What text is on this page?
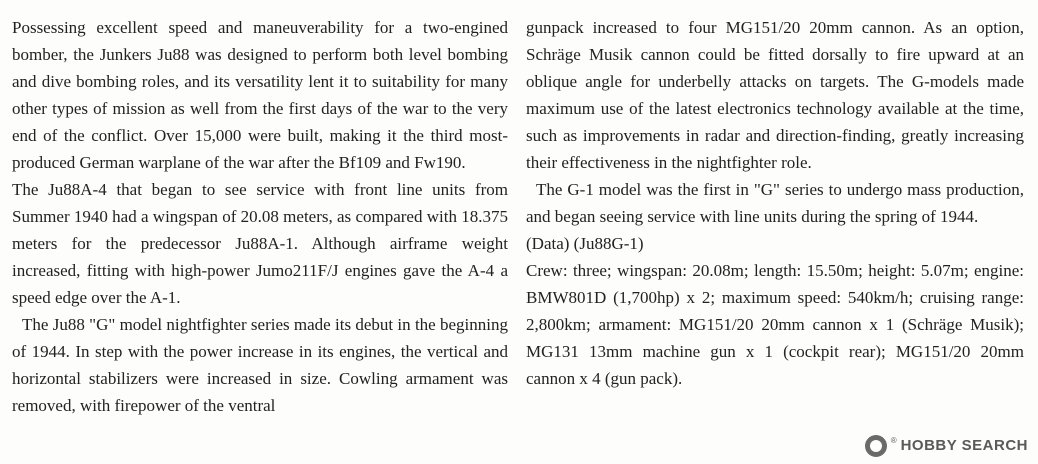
Possessing excellent speed and maneuverability for a two-engined bomber, the Junkers Ju88 was designed to perform both level bombing and dive bombing roles, and its versatility lent it to suitability for many other types of mission as well from the first days of the war to the very end of the conflict. Over 15,000 were built, making it the third most-produced German warplane of the war after the Bf109 and Fw190.

The Ju88A-4 that began to see service with front line units from Summer 1940 had a wingspan of 20.08 meters, as compared with 18.375 meters for the predecessor Ju88A-1. Although airframe weight increased, fitting with high-power Jumo211F/J engines gave the A-4 a speed edge over the A-1.

The Ju88 "G" model nightfighter series made its debut in the beginning of 1944. In step with the power increase in its engines, the vertical and horizontal stabilizers were increased in size. Cowling armament was removed, with firepower of the ventral

gunpack increased to four MG151/20 20mm cannon. As an option, Schräge Musik cannon could be fitted dorsally to fire upward at an oblique angle for underbelly attacks on targets. The G-models made maximum use of the latest electronics technology available at the time, such as improvements in radar and direction-finding, greatly increasing their effectiveness in the nightfighter role.

The G-1 model was the first in "G" series to undergo mass production, and began seeing service with line units during the spring of 1944.

(Data) (Ju88G-1)

Crew: three; wingspan: 20.08m; length: 15.50m; height: 5.07m; engine: BMW801D (1,700hp) x 2; maximum speed: 540km/h; cruising range: 2,800km; armament: MG151/20 20mm cannon x 1 (Schräge Musik); MG131 13mm machine gun x 1 (cockpit rear); MG151/20 20mm cannon x 4 (gun pack).

® HOBBY SEARCH
